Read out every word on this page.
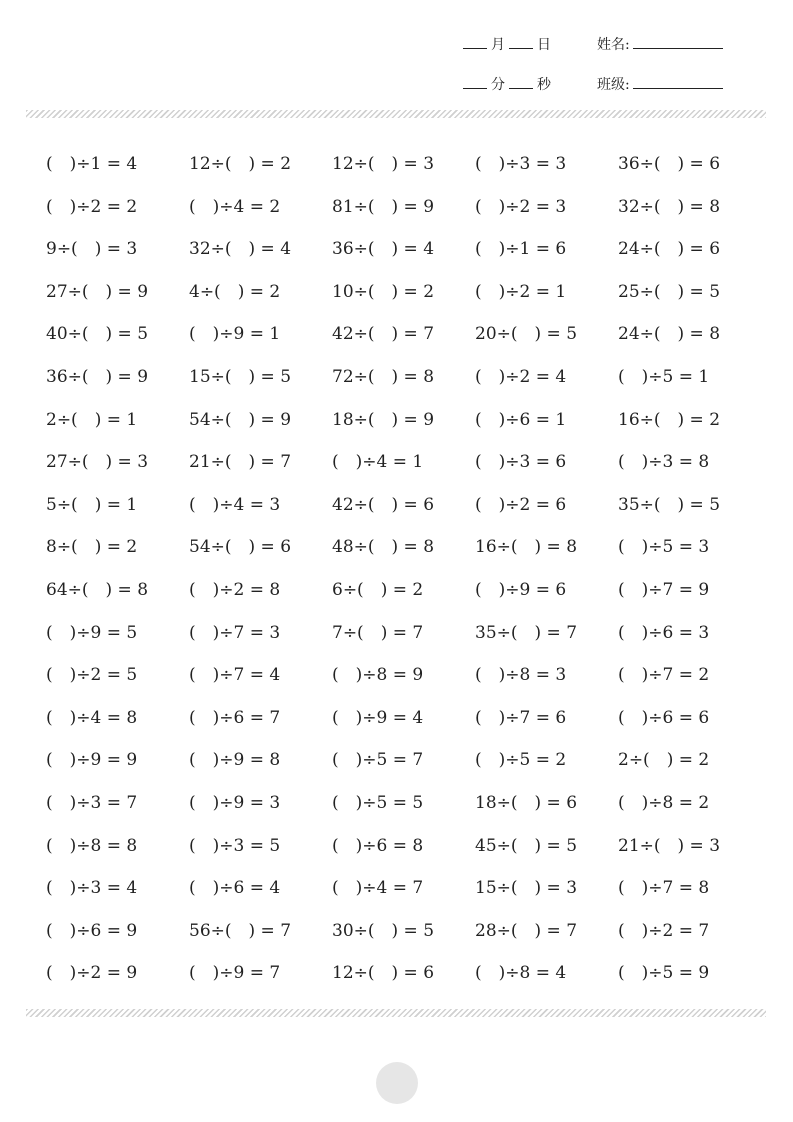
月 日	姓名:
分 秒	班级:
( )÷1 = 4	12÷( ) = 2	12÷( ) = 3	( )÷3 = 3	36÷( ) = 6
( )÷2 = 2	( )÷4 = 2	81÷( ) = 9	( )÷2 = 3	32÷( ) = 8
9÷( ) = 3	32÷( ) = 4	36÷( ) = 4	( )÷1 = 6	24÷( ) = 6
27÷( ) = 9	4÷( ) = 2	10÷( ) = 2	( )÷2 = 1	25÷( ) = 5
40÷( ) = 5	( )÷9 = 1	42÷( ) = 7	20÷( ) = 5	24÷( ) = 8
36÷( ) = 9	15÷( ) = 5	72÷( ) = 8	( )÷2 = 4	( )÷5 = 1
2÷( ) = 1	54÷( ) = 9	18÷( ) = 9	( )÷6 = 1	16÷( ) = 2
27÷( ) = 3	21÷( ) = 7	( )÷4 = 1	( )÷3 = 6	( )÷3 = 8
5÷( ) = 1	( )÷4 = 3	42÷( ) = 6	( )÷2 = 6	35÷( ) = 5
8÷( ) = 2	54÷( ) = 6	48÷( ) = 8	16÷( ) = 8	( )÷5 = 3
64÷( ) = 8	( )÷2 = 8	6÷( ) = 2	( )÷9 = 6	( )÷7 = 9
( )÷9 = 5	( )÷7 = 3	7÷( ) = 7	35÷( ) = 7	( )÷6 = 3
( )÷2 = 5	( )÷7 = 4	( )÷8 = 9	( )÷8 = 3	( )÷7 = 2
( )÷4 = 8	( )÷6 = 7	( )÷9 = 4	( )÷7 = 6	( )÷6 = 6
( )÷9 = 9	( )÷9 = 8	( )÷5 = 7	( )÷5 = 2	2÷( ) = 2
( )÷3 = 7	( )÷9 = 3	( )÷5 = 5	18÷( ) = 6	( )÷8 = 2
( )÷8 = 8	( )÷3 = 5	( )÷6 = 8	45÷( ) = 5	21÷( ) = 3
( )÷3 = 4	( )÷6 = 4	( )÷4 = 7	15÷( ) = 3	( )÷7 = 8
( )÷6 = 9	56÷( ) = 7	30÷( ) = 5	28÷( ) = 7	( )÷2 = 7
( )÷2 = 9	( )÷9 = 7	12÷( ) = 6	( )÷8 = 4	( )÷5 = 9
